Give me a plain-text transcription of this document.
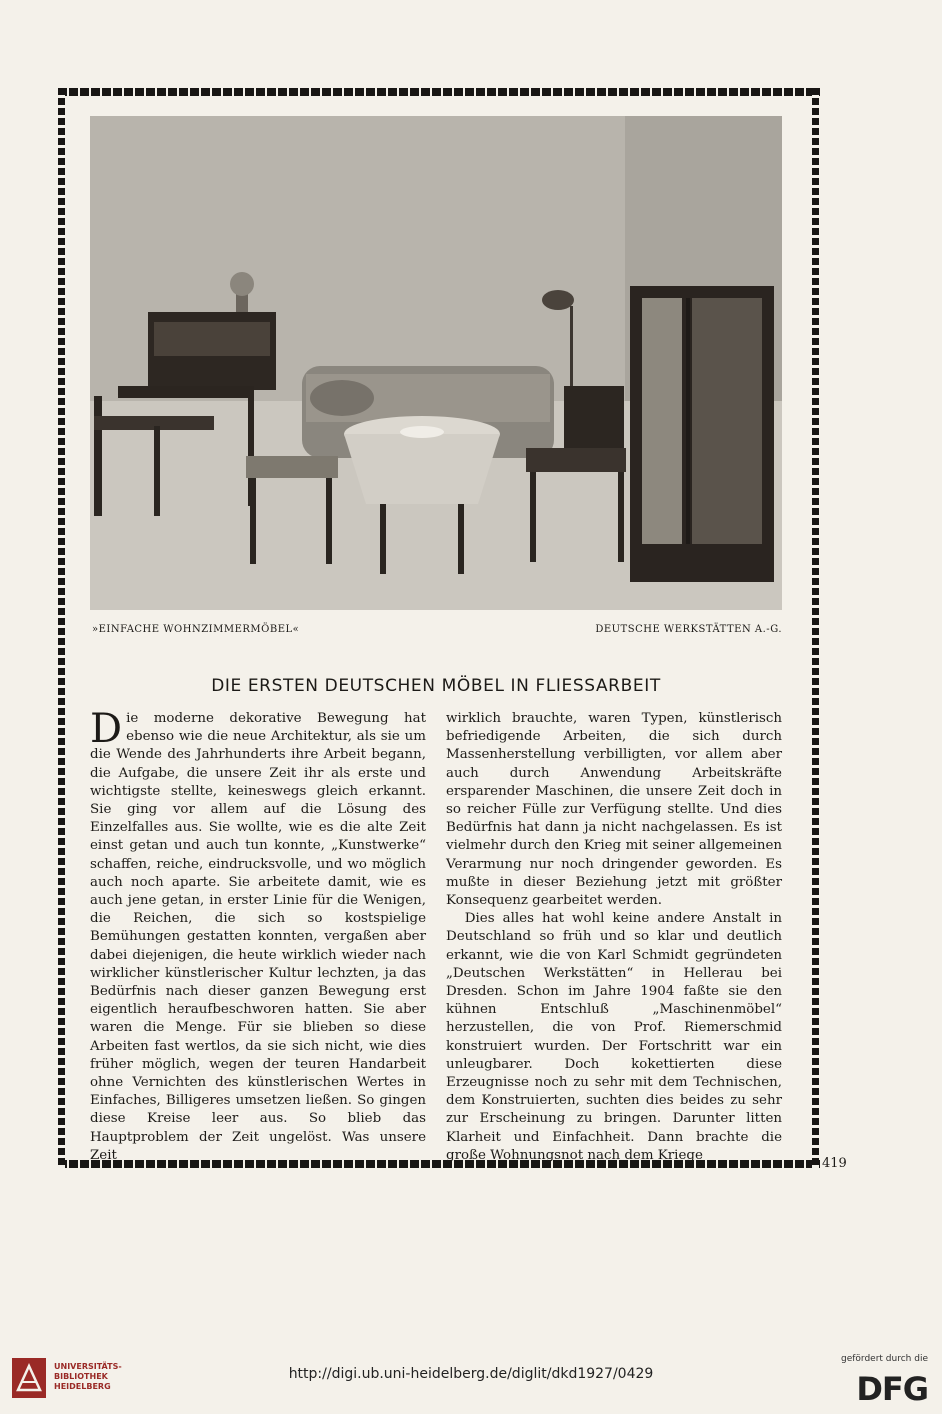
»EINFACHE WOHNZIMMERMÖBEL«	DEUTSCHE WERKSTÄTTEN A.-G.
DIE ERSTEN DEUTSCHEN MÖBEL IN FLIESSARBEIT

Die moderne dekorative Bewegung hat ebenso wie die neue Architektur, als sie um die Wende des Jahrhunderts ihre Arbeit begann, die Aufgabe, die unsere Zeit ihr als erste und wichtigste stellte, keineswegs gleich erkannt. Sie ging vor allem auf die Lösung des Einzelfalles aus. Sie wollte, wie es die alte Zeit einst getan und auch tun konnte, „Kunstwerke“ schaffen, reiche, eindrucksvolle, und wo möglich auch noch aparte. Sie arbeitete damit, wie es auch jene getan, in erster Linie für die Wenigen, die Reichen, die sich so kostspielige Bemühungen gestatten konnten, vergaßen aber dabei diejenigen, die heute wirklich wieder nach wirklicher künstlerischer Kultur lechzten, ja das Bedürfnis nach dieser ganzen Bewegung erst eigentlich heraufbeschworen hatten. Sie aber waren die Menge. Für sie blieben so diese Arbeiten fast wertlos, da sie sich nicht, wie dies früher möglich, wegen der teuren Handarbeit ohne Vernichten des künstlerischen Wertes in Einfaches, Billigeres umsetzen ließen. So gingen diese Kreise leer aus. So blieb das Hauptproblem der Zeit ungelöst. Was unsere Zeit

wirklich brauchte, waren Typen, künstlerisch befriedigende Arbeiten, die sich durch Massenherstellung verbilligten, vor allem aber auch durch Anwendung Arbeitskräfte ersparender Maschinen, die unsere Zeit doch in so reicher Fülle zur Verfügung stellte. Und dies Bedürfnis hat dann ja nicht nachgelassen. Es ist vielmehr durch den Krieg mit seiner allgemeinen Verarmung nur noch dringender geworden. Es mußte in dieser Beziehung jetzt mit größter Konsequenz gearbeitet werden.

Dies alles hat wohl keine andere Anstalt in Deutschland so früh und so klar und deutlich erkannt, wie die von Karl Schmidt gegründeten „Deutschen Werkstätten“ in Hellerau bei Dresden. Schon im Jahre 1904 faßte sie den kühnen Entschluß „Maschinenmöbel“ herzustellen, die von Prof. Riemerschmid konstruiert wurden. Der Fortschritt war ein unleugbarer. Doch kokettierten diese Erzeugnisse noch zu sehr mit dem Technischen, dem Konstruierten, suchten dies beides zu sehr zur Erscheinung zu bringen. Darunter litten Klarheit und Einfachheit. Dann brachte die große Wohnungsnot nach dem Kriege

419
UNIVERSITÄTS-
BIBLIOTHEK
HEIDELBERG
http://digi.ub.uni-heidelberg.de/diglit/dkd1927/0429
gefördert durch die
DFG
